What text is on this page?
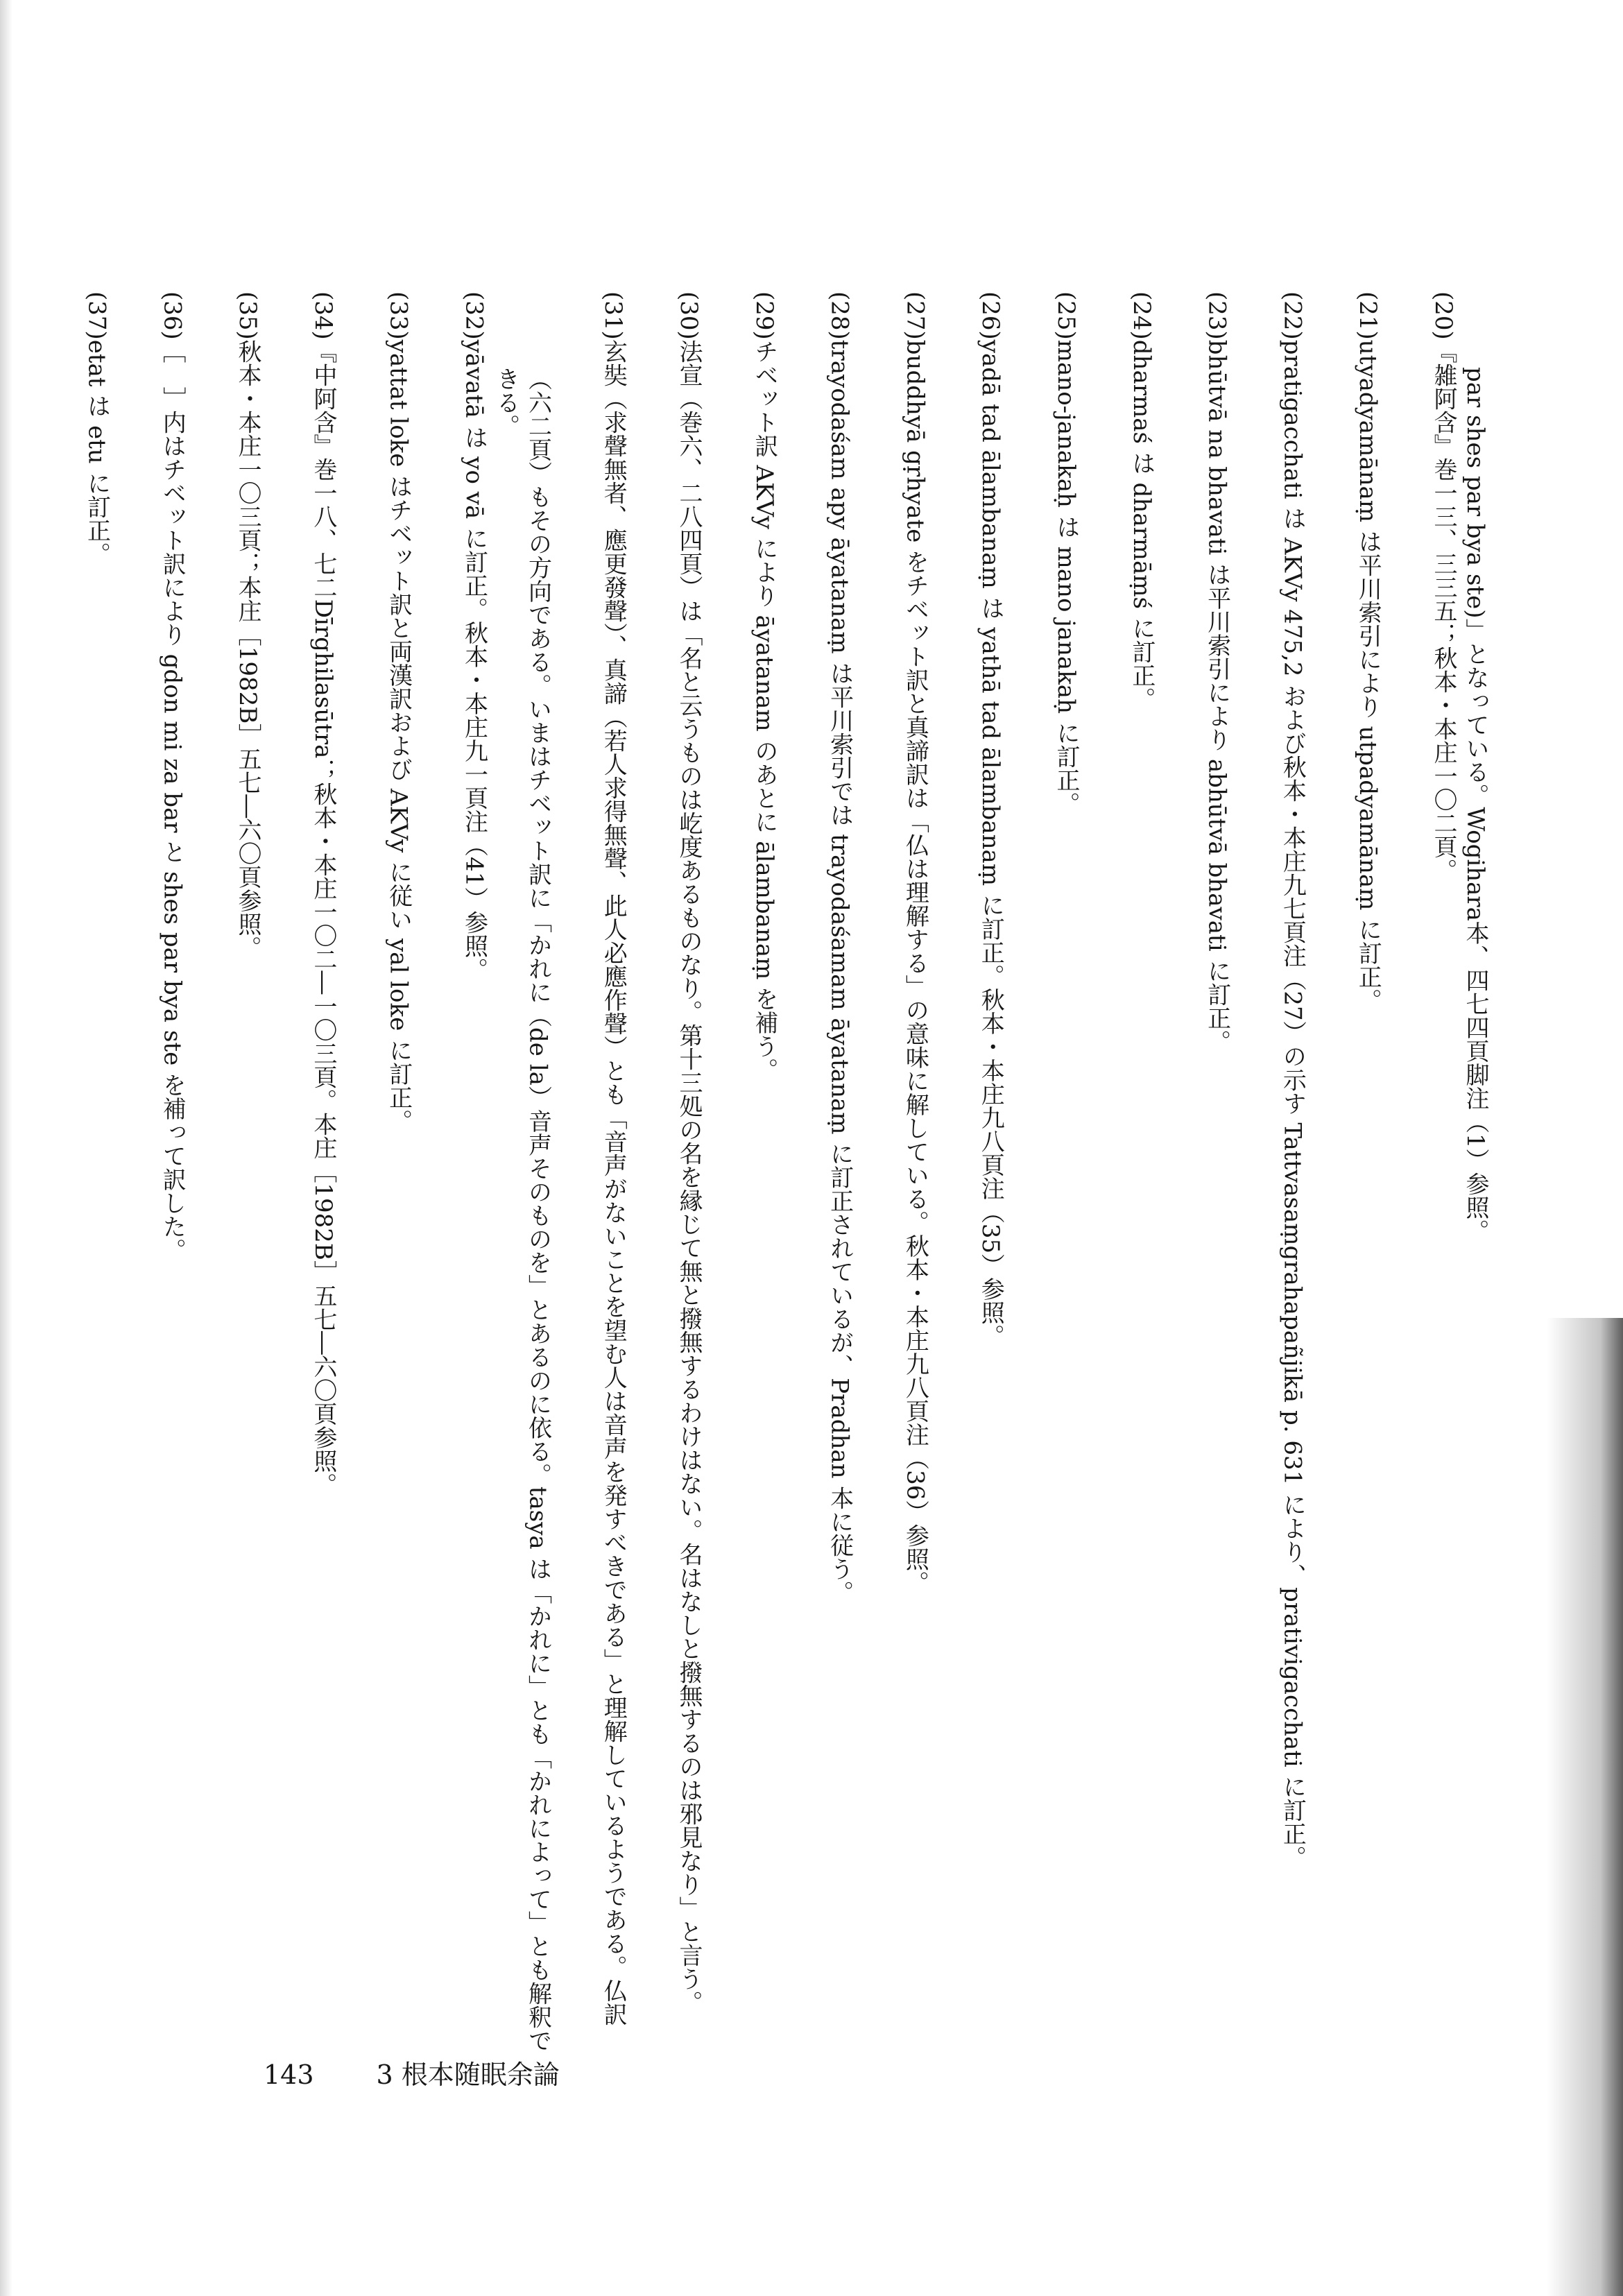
par shes par bya ste)」となっている。Wogihara本、四七四頁脚注（1）参照。

(20)『雑阿含』巻一三、三三五；秋本・本庄一〇二頁。

(21)utyadyamānaṃ は平川索引により utpadyamānaṃ に訂正。

(22)pratigacchati は AKVy 475,2 および秋本・本庄九七頁注（27）の示す Tattvasaṃgrahapañjikā p. 631 により、prativigacchati に訂正。

(23)bhūtvā na bhavati は平川索引により abhūtvā bhavati に訂正。

(24)dharmaś は dharmāṃś に訂正。

(25)mano-janakaḥ は mano janakaḥ に訂正。

(26)yadā tad ālambanaṃ は yathā tad ālambanaṃ に訂正。秋本・本庄九八頁注（35）参照。

(27)buddhyā gṛhyate をチベット訳と真諦訳は「仏は理解する」の意味に解している。秋本・本庄九八頁注（36）参照。

(28)trayodaśam apy āyatanaṃ は平川索引では trayodaśamam āyatanaṃ に訂正されているが、Pradhan 本に従う。

(29)チベット訳 AKVy により āyatanam のあとに ālambanaṃ を補う。

(30)法宣（巻六、二八四頁）は「名と云うものは屹度あるものなり。第十三処の名を縁じて無と撥無するわけはない。名はなしと撥無するのは邪見なり」と言う。

(31)玄奘（求聲無者、應更發聲）、真諦（若人求得無聲、此人必應作聲）とも「音声がないことを望む人は音声を発すべきである」と理解しているようである。仏訳（六二頁）もその方向である。いまはチベット訳に「かれに（de la）音声そのものを」とあるのに依る。tasya は「かれに」とも「かれによって」とも解釈できる。

(32)yāvatā は yo vā に訂正。秋本・本庄九一頁注（41）参照。

(33)yattat loke はチベット訳と両漢訳および AKVy に従い yal loke に訂正。

(34)『中阿含』巻一八、七二Dīrghilasūtra；秋本・本庄一〇二―一〇三頁。本庄［1982B］五七―六〇頁参照。

(35)秋本・本庄一〇三頁；本庄［1982B］五七―六〇頁参照。

(36)［　］内はチベット訳により gdon mi za bar と shes par bya ste を補って訳した。

(37)etat は etu に訂正。

143 3 根本随眠余論
